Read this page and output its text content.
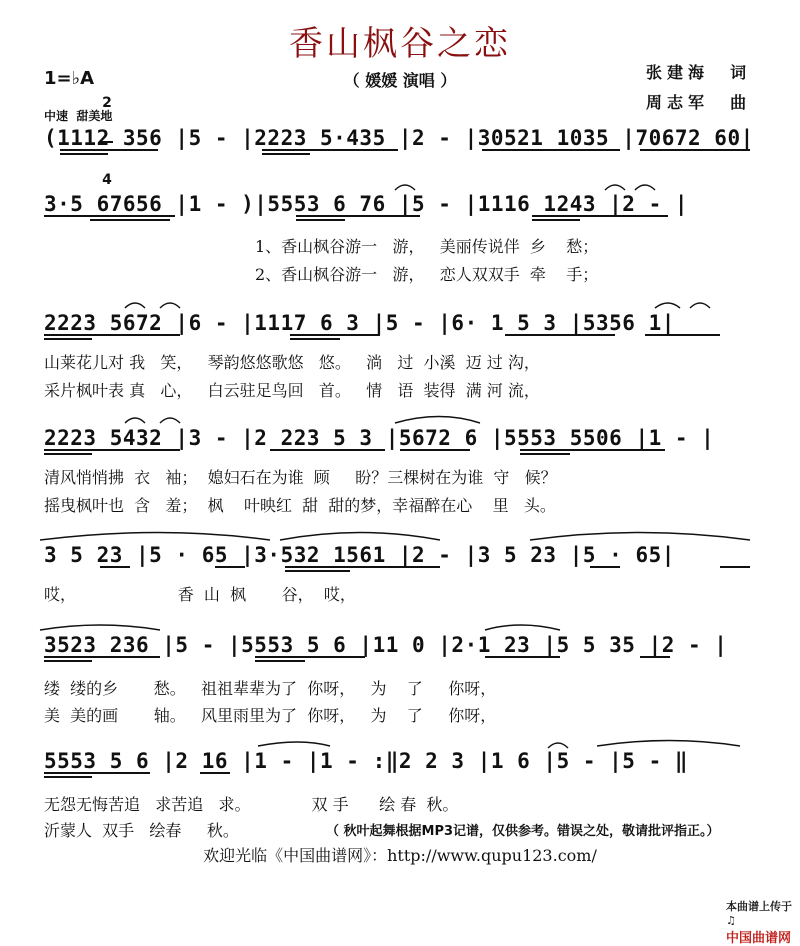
香山枫谷之恋
（ 媛媛 演唱 ）	张建海  词
周志军  曲
1=♭A

2

4

中速  甜美地
(1112 356 |5 - |2223 5·435 |2 - |30521 1035 |70672 60|
3·5 67656 |1 - )|5553 6 76 |5 - |1116 1243 |2 - |
1、香山枫谷游一   游，   美丽传说伴  乡    愁；
2、香山枫谷游一   游，   恋人双双手  牵    手；
2223 5672 |6 - |1117 6 3 |5 - |6· 1 5 3 |5356 1|
山莱花儿对 我   笑，   琴韵悠悠歌悠   悠。   淌   过  小溪  迈 过 沟，
采片枫叶表 真   心，   白云驻足鸟回   首。   情   语  装得  满 河 流，
2223 5432 |3 - |2 223 5 3 |5672 6 |5553 5506 |1 - |
清风悄悄拂  衣   袖；  媳妇石在为谁  顾     盼？三棵树在为谁  守   候？
摇曳枫叶也  含   羞；  枫    叶映红  甜  甜的梦，幸福醉在心    里   头。
3 5 23 |5 · 65 |3·532 1561 |2 - |3 5 23 |5 · 65|
哎，                    香  山  枫       谷，  哎，
3523 236 |5 - |5553 5 6 |11 0 |2·1 23 |5 5 35 |2 - |
缕  缕的乡       愁。   祖祖辈辈为了  你呀，   为    了     你呀，
美  美的画       轴。   风里雨里为了  你呀，   为    了     你呀，
5553 5 6 |2 16 |1 - |1 - :‖2 2 3 |1 6 |5 - |5 - ‖
无怨无悔苦追   求苦追   求。            双 手      绘 春  秋。
沂蒙人  双手   绘春     秋。	（ 秋叶起舞根据MP3记谱，仅供参考。错误之处，敬请批评指正。）
欢迎光临《中国曲谱网》：http://www.qupu123.com/

本曲谱上传于
♫
中国曲谱网
